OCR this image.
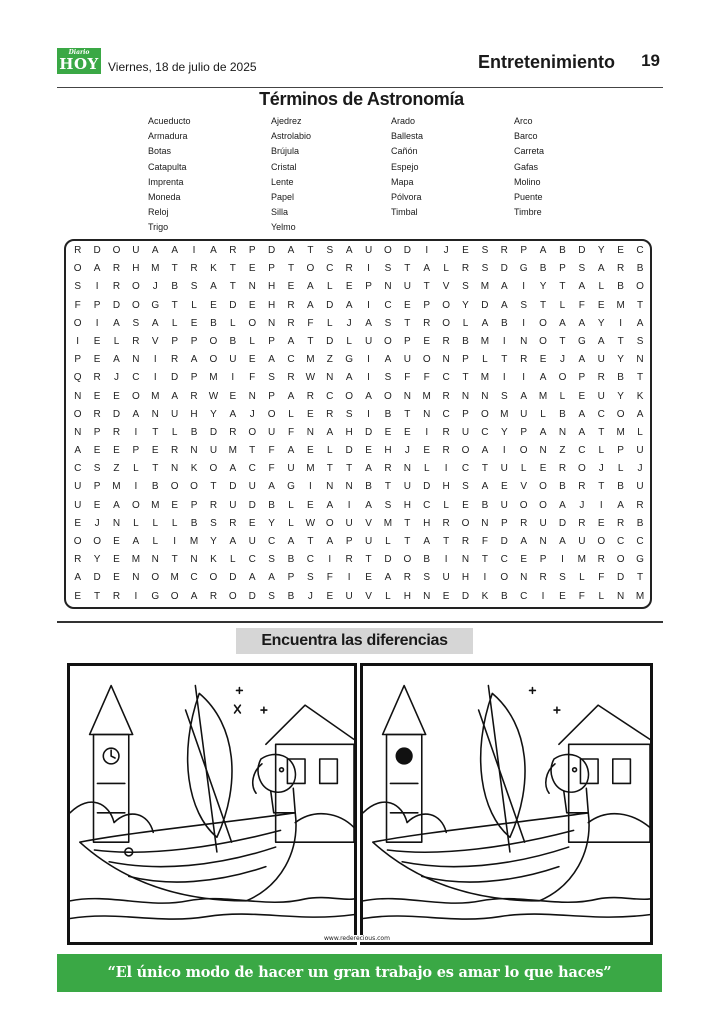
Diario
HOY Viernes, 18 de julio de 2025	Entretenimiento 19
Términos de Astronomía
Acueducto
Armadura
Botas
Catapulta
Imprenta
Moneda
Reloj
Trigo
Ajedrez
Astrolabio
Brújula
Cristal
Lente
Papel
Silla
Yelmo
Arado
Ballesta
Cañón
Espejo
Mapa
Pólvora
Timbal
Arco
Barco
Carreta
Gafas
Molino
Puente
Timbre
R	D	O	U	A	A	I	A	R	P	D	A	T	S	A	U	O	D	I	J	E	S	R	P	A	B	D	Y	E	C
O	A	R	H	M	T	R	K	T	E	P	T	O	C	R	I	S	T	A	L	R	S	D	G	B	P	S	A	R	B
S	I	R	O	J	B	S	A	T	N	H	E	A	L	E	P	N	U	T	V	S	M	A	I	Y	T	A	L	B	O
F	P	D	O	G	T	L	E	D	E	H	R	A	D	A	I	C	E	P	O	Y	D	A	S	T	L	F	E	M	T
O	I	A	S	A	L	E	B	L	O	N	R	F	L	J	A	S	T	R	O	L	A	B	I	O	A	A	Y	I	A
I	E	L	R	V	P	P	O	B	L	P	A	T	D	L	U	O	P	E	R	B	M	I	N	O	T	G	A	T	S
P	E	A	N	I	R	A	O	U	E	A	C	M	Z	G	I	A	U	O	N	P	L	T	R	E	J	A	U	Y	N
Q	R	J	C	I	D	P	M	I	F	S	R	W	N	A	I	S	F	F	C	T	M	I	I	A	O	P	R	B	T
N	E	E	O	M	A	R	W	E	N	P	A	R	C	O	A	O	N	M	R	N	N	S	A	M	L	E	U	Y	K
O	R	D	A	N	U	H	Y	A	J	O	L	E	R	S	I	B	T	N	C	P	O	M	U	L	B	A	C	O	A
N	P	R	I	T	L	B	D	R	O	U	F	N	A	H	D	E	E	I	R	U	C	Y	P	A	N	A	T	M	L
A	E	E	P	E	R	N	U	M	T	F	A	E	L	D	E	H	J	E	R	O	A	I	O	N	Z	C	L	P	U
C	S	Z	L	T	N	K	O	A	C	F	U	M	T	T	A	R	N	L	I	C	T	U	L	E	R	O	J	L	J
U	P	M	I	B	O	O	T	D	U	A	G	I	N	N	B	T	U	D	H	S	A	E	V	O	B	R	T	B	U
U	E	A	O	M	E	P	R	U	D	B	L	E	A	I	A	S	H	C	L	E	B	U	O	O	A	J	I	A	R
E	J	N	L	L	L	B	S	R	E	Y	L	W	O	U	V	M	T	H	R	O	N	P	R	U	D	R	E	R	B
O	O	E	A	L	I	M	Y	A	U	C	A	T	A	P	U	L	T	A	T	R	F	D	A	N	A	U	O	C	C
R	Y	E	M	N	T	N	K	L	C	S	B	C	I	R	T	D	O	B	I	N	T	C	E	P	I	M	R	O	G
A	D	E	N	O	M	C	O	D	A	A	P	S	F	I	E	A	R	S	U	H	I	O	N	R	S	L	F	D	T
E	T	R	I	G	O	A	R	O	D	S	B	J	E	U	V	L	H	N	E	D	K	B	C	I	E	F	L	N	M
Encuentra las diferencias
www.rederecious.com
“El único modo de hacer un gran trabajo es amar lo que haces”
